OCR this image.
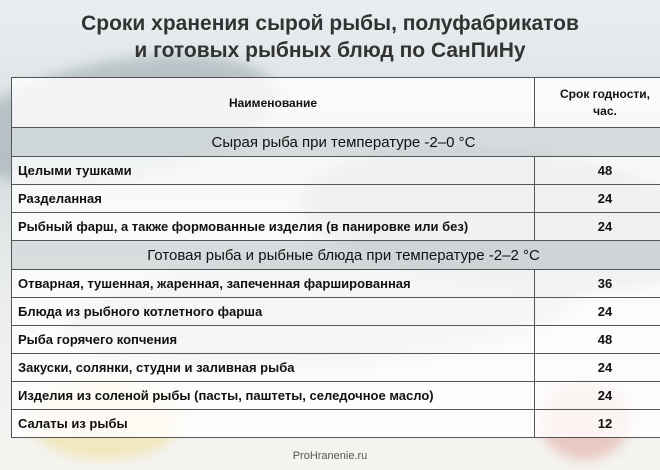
Сроки хранения сырой рыбы, полуфабрикатов
и готовых рыбных блюд по СанПиНу
Наименование	Срок годности,
час.
Сырая рыба при температуре -2–0 °С	
Целыми тушками	48
Разделанная	24
Рыбный фарш, а также формованные изделия (в панировке или без)	24
Готовая рыба и рыбные блюда при температуре -2–2 °С	
Отварная, тушенная, жаренная, запеченная фаршированная	36
Блюда из рыбного котлетного фарша	24
Рыба горячего копчения	48
Закуски, солянки, студни и заливная рыба	24
Изделия из соленой рыбы (пасты, паштеты, селедочное масло)	24
Салаты из рыбы	12
ProHranenie.ru
